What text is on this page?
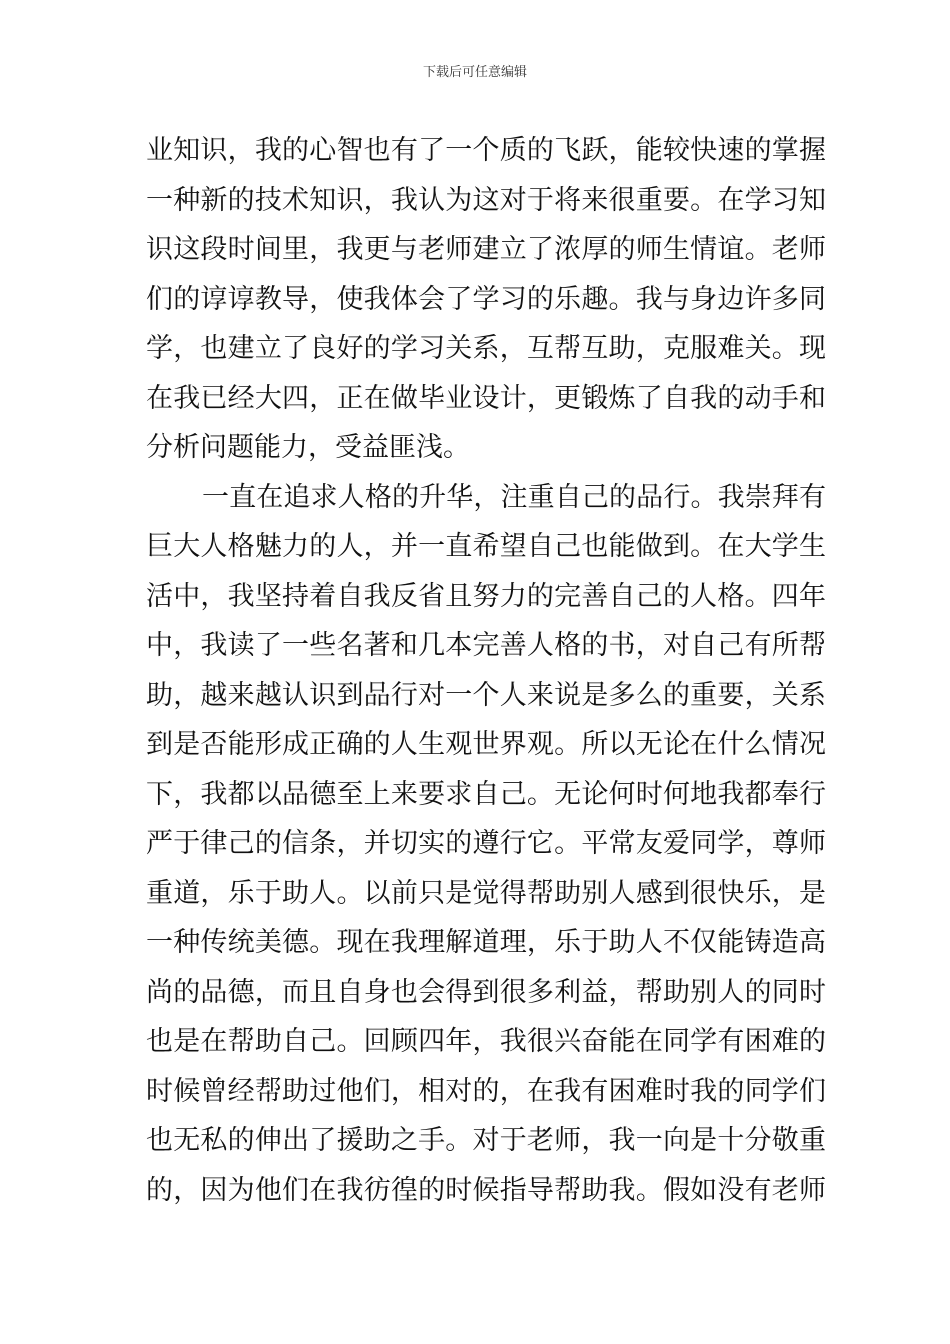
下载后可任意编辑
业知识，我的心智也有了一个质的飞跃，能较快速的掌握
一种新的技术知识，我认为这对于将来很重要。在学习知
识这段时间里，我更与老师建立了浓厚的师生情谊。老师
们的谆谆教导，使我体会了学习的乐趣。我与身边许多同
学，也建立了良好的学习关系，互帮互助，克服难关。现
在我已经大四，正在做毕业设计，更锻炼了自我的动手和
分析问题能力，受益匪浅。
一直在追求人格的升华，注重自己的品行。我崇拜有
巨大人格魅力的人，并一直希望自己也能做到。在大学生
活中，我坚持着自我反省且努力的完善自己的人格。四年
中，我读了一些名著和几本完善人格的书，对自己有所帮
助，越来越认识到品行对一个人来说是多么的重要，关系
到是否能形成正确的人生观世界观。所以无论在什么情况
下，我都以品德至上来要求自己。无论何时何地我都奉行
严于律己的信条，并切实的遵行它。平常友爱同学，尊师
重道，乐于助人。以前只是觉得帮助别人感到很快乐，是
一种传统美德。现在我理解道理，乐于助人不仅能铸造高
尚的品德，而且自身也会得到很多利益，帮助别人的同时
也是在帮助自己。回顾四年，我很兴奋能在同学有困难的
时候曾经帮助过他们，相对的，在我有困难时我的同学们
也无私的伸出了援助之手。对于老师，我一向是十分敬重
的，因为他们在我彷徨的时候指导帮助我。假如没有老师
